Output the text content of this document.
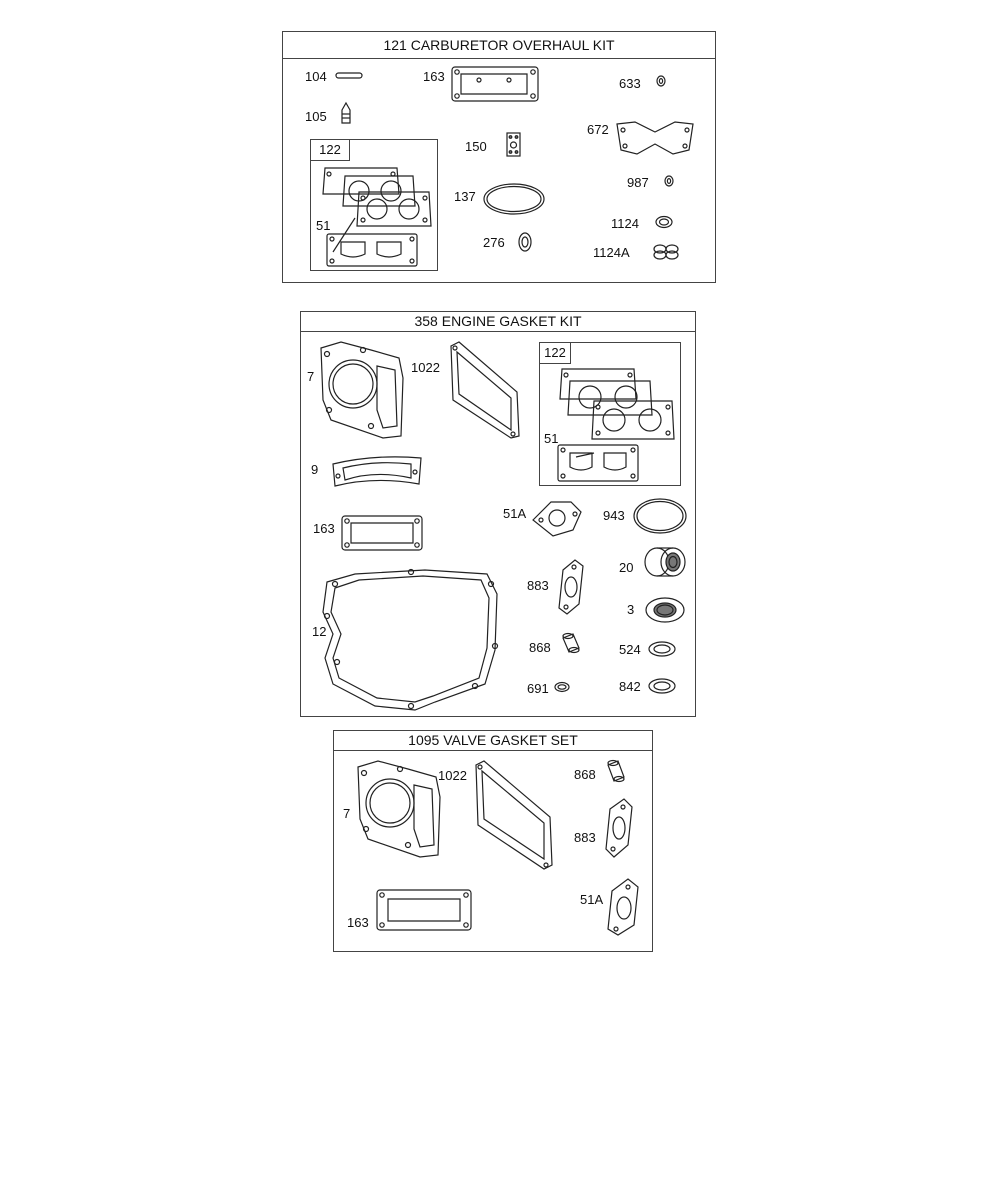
121 CARBURETOR OVERHAUL KIT
104
105
163	633
672
150
987
137
1124
276
1124A
122
51
358 ENGINE GASKET KIT
7
1022
9
163
51A	943
20
883
12
3
868	524
691	842
122
51
1095 VALVE GASKET SET
7
1022	868
883
163
51A
